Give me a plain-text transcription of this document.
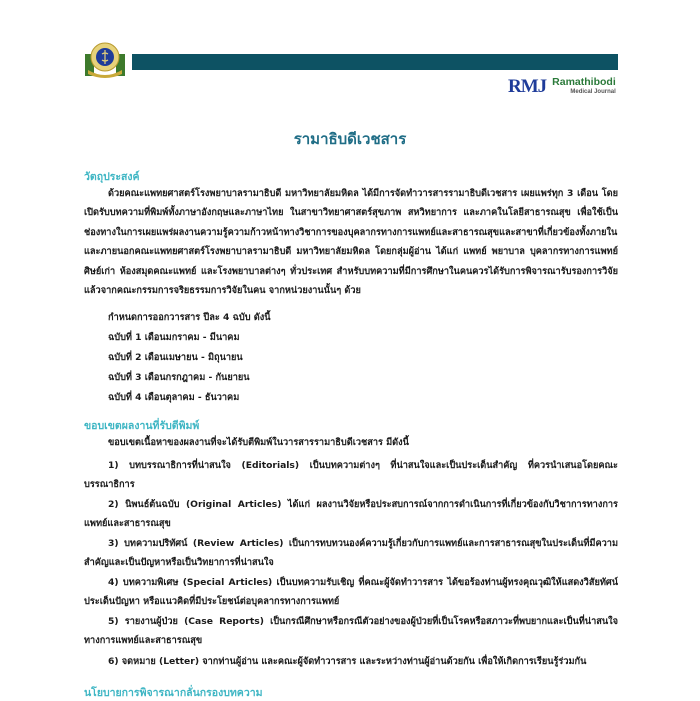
RMJ Ramathibodi
Medical Journal
รามาธิบดีเวชสาร
วัตถุประสงค์
ด้วยคณะแพทยศาสตร์โรงพยาบาลรามาธิบดี มหาวิทยาลัยมหิดล ได้มีการจัดทำวารสารรามาธิบดีเวชสาร เผยแพร่ทุก 3 เดือน โดยเปิดรับบทความที่พิมพ์ทั้งภาษาอังกฤษและภาษาไทย ในสาขาวิทยาศาสตร์สุขภาพ สหวิทยาการ และภาคในโลยีสาธารณสุข เพื่อใช้เป็นช่องทางในการเผยแพร่ผลงานความรู้ความก้าวหน้าทางวิชาการของบุคลากรทางการแพทย์และสาธารณสุขและสาขาที่เกี่ยวข้องทั้งภายในและภายนอกคณะแพทยศาสตร์โรงพยาบาลรามาธิบดี มหาวิทยาลัยมหิดล โดยกลุ่มผู้อ่าน ได้แก่ แพทย์ พยาบาล บุคลากรทางการแพทย์ ศิษย์เก่า ห้องสมุดคณะแพทย์ และโรงพยาบาลต่างๆ ทั่วประเทศ สำหรับบทความที่มีการศึกษาในคนควรได้รับการพิจารณารับรองการวิจัยแล้วจากคณะกรรมการจริยธรรมการวิจัยในคน จากหน่วยงานนั้นๆ ด้วย
กำหนดการออกวารสาร ปีละ 4 ฉบับ ดังนี้
ฉบับที่ 1 เดือนมกราคม - มีนาคม
ฉบับที่ 2 เดือนเมษายน - มิถุนายน
ฉบับที่ 3 เดือนกรกฎาคม - กันยายน
ฉบับที่ 4 เดือนตุลาคม - ธันวาคม
ขอบเขตผลงานที่รับตีพิมพ์
ขอบเขตเนื้อหาของผลงานที่จะได้รับตีพิมพ์ในวารสารรามาธิบดีเวชสาร มีดังนี้
1) บทบรรณาธิการที่น่าสนใจ (Editorials) เป็นบทความต่างๆ ที่น่าสนใจและเป็นประเด็นสำคัญ ที่ควรนำเสนอโดยคณะบรรณาธิการ
2) นิพนธ์ต้นฉบับ (Original Articles) ได้แก่ ผลงานวิจัยหรือประสบการณ์จากการดำเนินการที่เกี่ยวข้องกับวิชาการทางการแพทย์และสาธารณสุข
3) บทความปริทัศน์ (Review Articles) เป็นการทบทวนองค์ความรู้เกี่ยวกับการแพทย์และการสาธารณสุขในประเด็นที่มีความสำคัญและเป็นปัญหาหรือเป็นวิทยาการที่น่าสนใจ
4) บทความพิเศษ (Special Articles) เป็นบทความรับเชิญ ที่คณะผู้จัดทำวารสาร ได้ขอร้องท่านผู้ทรงคุณวุฒิให้แสดงวิสัยทัศน์ ประเด็นปัญหา หรือแนวคิดที่มีประโยชน์ต่อบุคลากรทางการแพทย์
5) รายงานผู้ป่วย (Case Reports) เป็นกรณีศึกษาหรือกรณีตัวอย่างของผู้ป่วยที่เป็นโรคหรือสภาวะที่พบยากและเป็นที่น่าสนใจทางการแพทย์และสาธารณสุข
6) จดหมาย (Letter) จากท่านผู้อ่าน และคณะผู้จัดทำวารสาร และระหว่างท่านผู้อ่านด้วยกัน เพื่อให้เกิดการเรียนรู้ร่วมกัน
นโยบายการพิจารณากลั่นกรองบทความ
